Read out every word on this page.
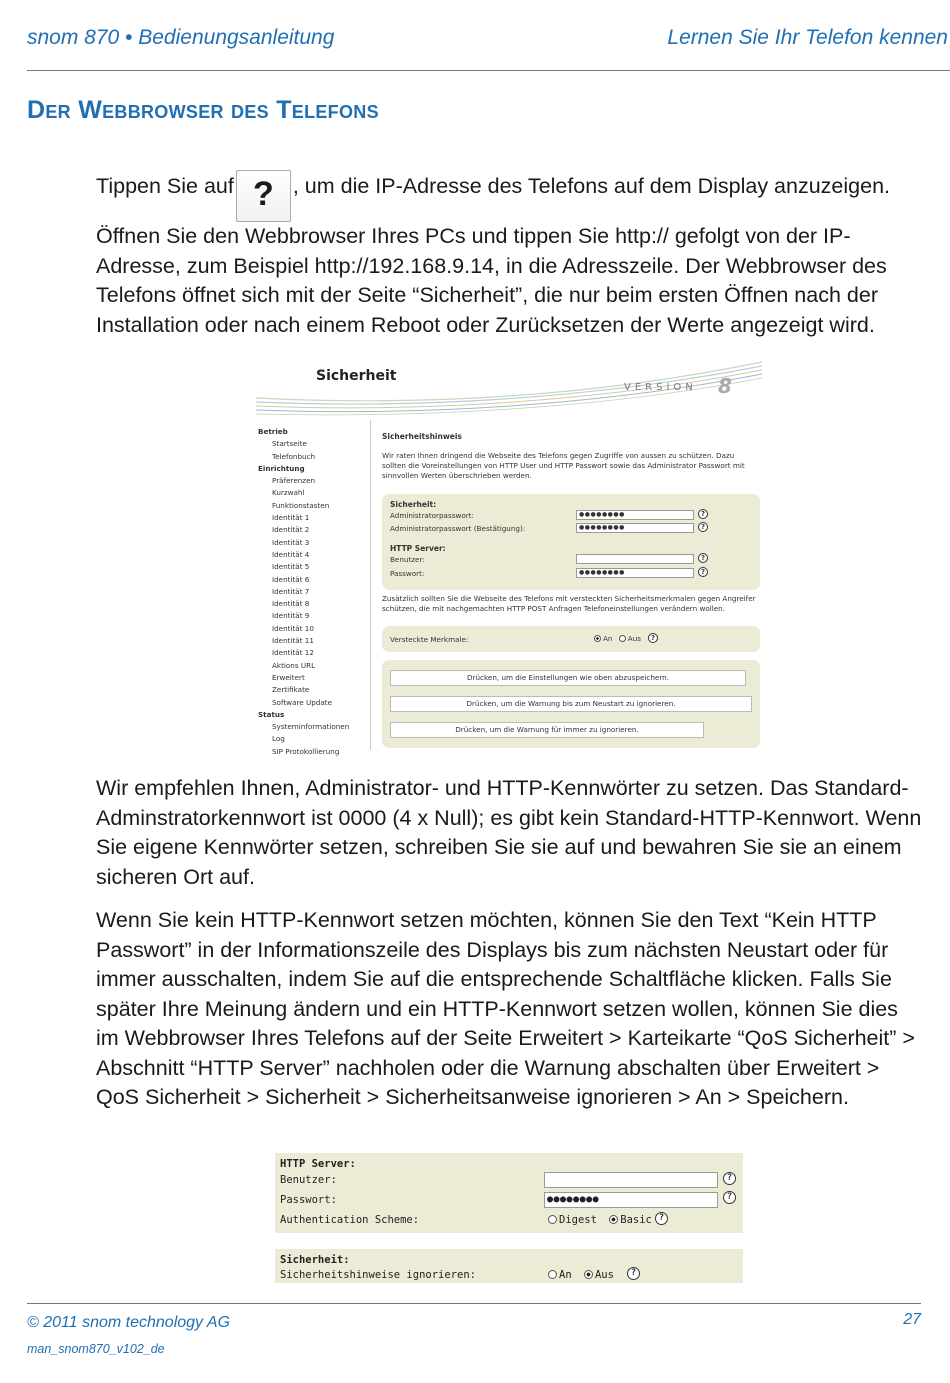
snom 870 • Bedienungsanleitung	Lernen Sie Ihr Telefon kennen
Der Webbrowser des Telefons
Tippen Sie auf ? , um die IP-Adresse des Telefons auf dem Display anzuzeigen. Öffnen Sie den Webbrowser Ihres PCs und tippen Sie http:// gefolgt von der IP-Adresse, zum Beispiel http://192.168.9.14, in die Adresszeile. Der Webbrowser des Telefons öffnet sich mit der Seite “Sicherheit”, die nur beim ersten Öffnen nach der Installation oder nach einem Reboot oder Zurücksetzen der Werte angezeigt wird.
Sicherheit
VERSION 8
Betrieb
Startseite
Telefonbuch
Einrichtung
Präferenzen
Kurzwahl
Funktionstasten
Identität 1
Identität 2
Identität 3
Identität 4
Identität 5
Identität 6
Identität 7
Identität 8
Identität 9
Identität 10
Identität 11
Identität 12
Aktions URL
Erweitert
Zertifikate
Software Update
Status
Systeminformationen
Log
SIP Protokollierung
Sicherheitshinweis
Wir raten Ihnen dringend die Webseite des Telefons gegen Zugriffe von aussen zu schützen. Dazu sollten die Voreinstellungen von HTTP User und HTTP Passwort sowie das Administrator Passwort mit sinnvollen Werten überschrieben werden.
Sicherheit:
Administratorpasswort:	●●●●●●●●	?
Administratorpasswort (Bestätigung):	●●●●●●●●	?
HTTP Server:
Benutzer:	?
Passwort:	●●●●●●●●	?
Zusätzlich sollten Sie die Webseite des Telefons mit versteckten Sicherheitsmerkmalen gegen Angreifer schützen, die mit nachgemachten HTTP POST Anfragen Telefoneinstellungen verändern wollen.
Versteckte Merkmale:	An Aus	?
Drücken, um die Einstellungen wie oben abzuspeichern.
Drücken, um die Warnung bis zum Neustart zu ignorieren.
Drücken, um die Warnung für immer zu ignorieren.
Wir empfehlen Ihnen, Administrator- und HTTP-Kennwörter zu setzen. Das Standard-Adminstratorkennwort ist 0000 (4 x Null); es gibt kein Standard-HTTP-Kennwort. Wenn Sie eigene Kennwörter setzen, schreiben Sie sie auf und bewahren Sie sie an einem sicheren Ort auf.
Wenn Sie kein HTTP-Kennwort setzen möchten, können Sie den Text “Kein HTTP Passwort” in der Informationszeile des Displays bis zum nächsten Neustart oder für immer ausschalten, indem Sie auf die entsprechende Schaltfläche klicken. Falls Sie später Ihre Meinung ändern und ein HTTP-Kennwort setzen wollen, können Sie dies im Webbrowser Ihres Telefons auf der Seite Erweitert > Karteikarte “QoS Sicherheit” > Abschnitt “HTTP Server” nachholen oder die Warnung abschalten über Erweitert > QoS Sicherheit > Sicherheit > Sicherheitsanweise ignorieren > An > Speichern.
HTTP Server:
Benutzer:	?
Passwort:	●●●●●●●●	?
Authentication Scheme:	Digest Basic ?
Sicherheit:
Sicherheitshinweise ignorieren:	An Aus	?
© 2011 snom technology AG	27
man_snom870_v102_de
